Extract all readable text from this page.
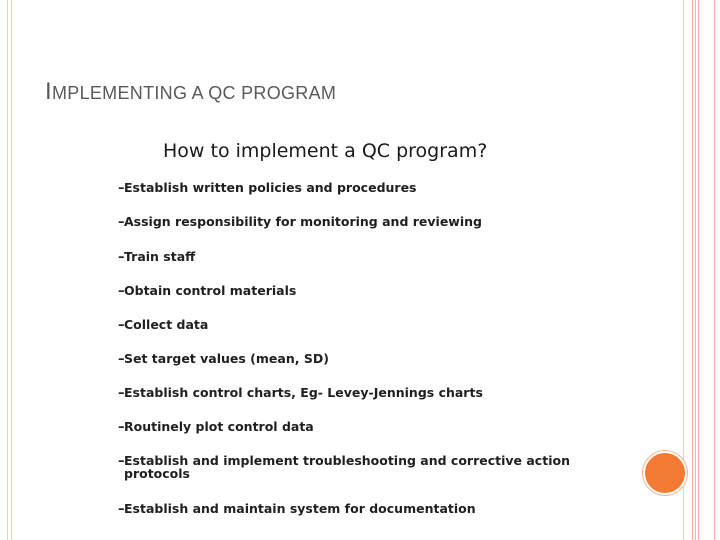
IMPLEMENTING A QC PROGRAM
How to implement a QC program?
– Establish written policies and procedures
– Assign responsibility for monitoring and reviewing
– Train staff
– Obtain control materials
– Collect data
– Set target values (mean, SD)
– Establish control charts, Eg- Levey-Jennings charts
– Routinely plot control data
– Establish and implement troubleshooting and corrective action
protocols
– Establish and maintain system for documentation
